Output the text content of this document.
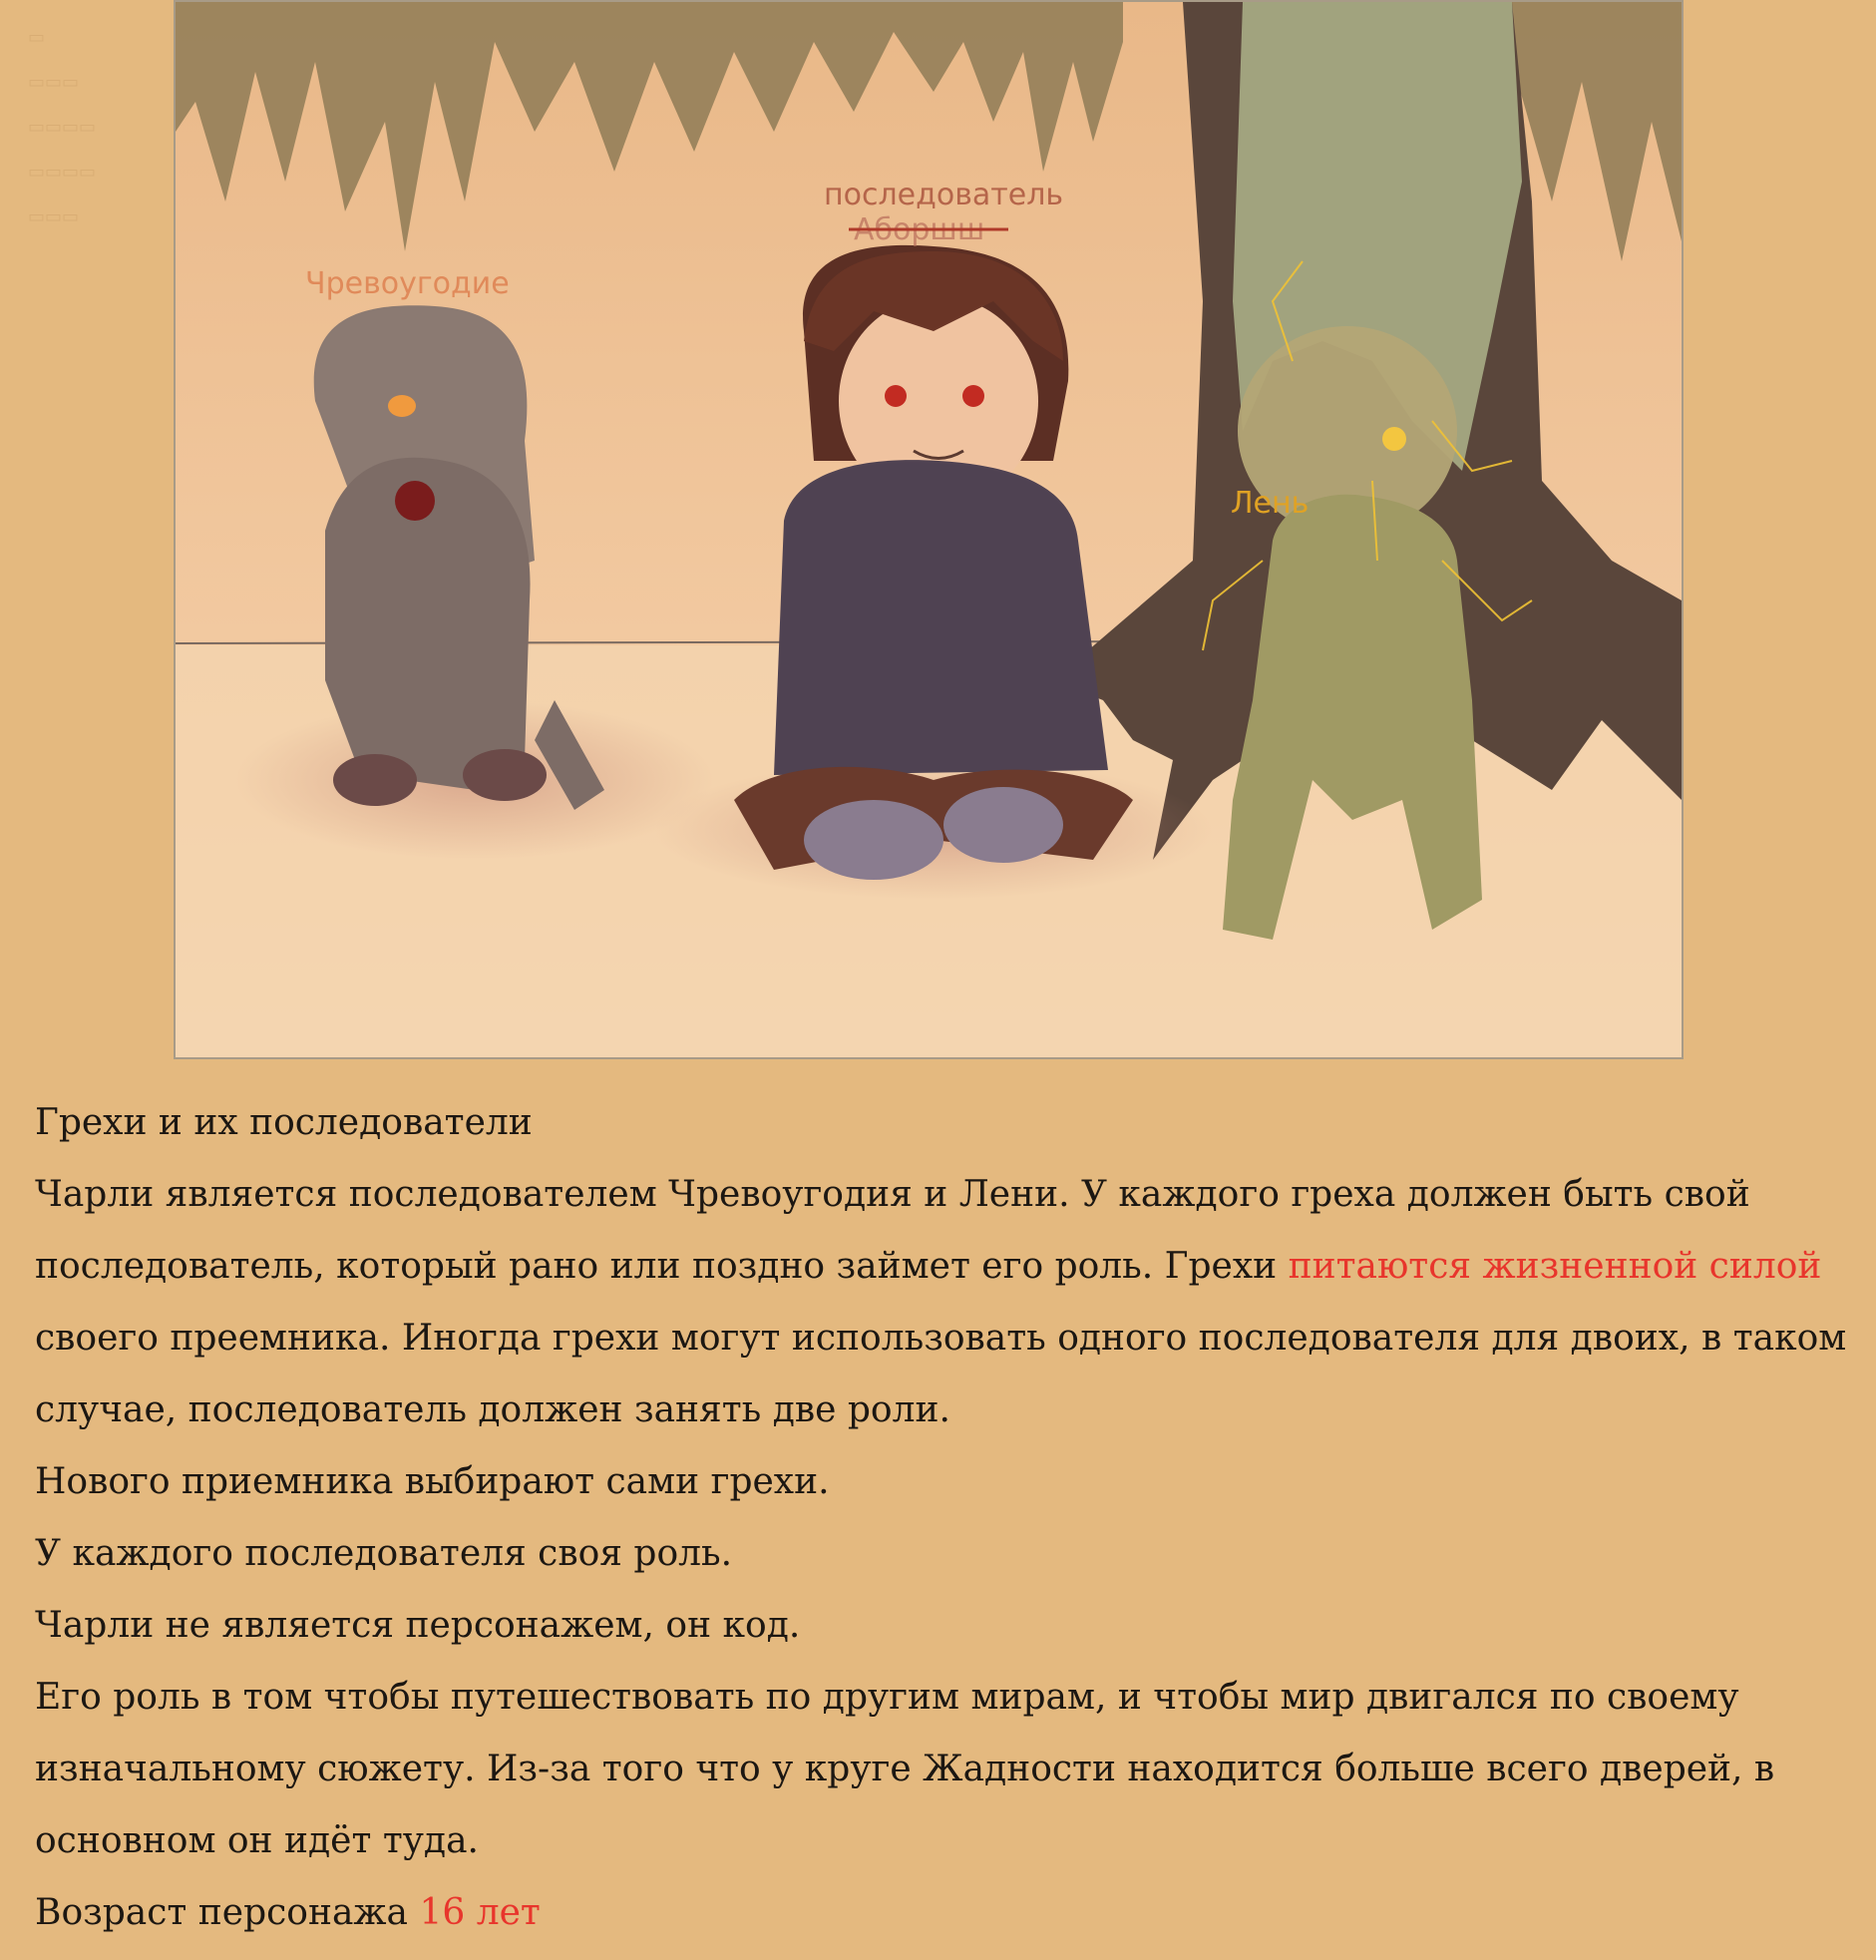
▭
▭▭▭
▭▭▭▭
▭▭▭▭
▭▭▭
Чревоугодие
последователь
Аборшш
Лень

Грехи и их последователи

Чарли является последователем Чревоугодия и Лени. У каждого греха должен быть свой последователь, который рано или поздно займет его роль. Грехи питаются жизненной силой своего преемника. Иногда грехи могут использовать одного последователя для двоих, в таком случае, последователь должен занять две роли.

Нового приемника выбирают сами грехи.

У каждого последователя своя роль.

Чарли не является персонажем, он код.

Его роль в том чтобы путешествовать по другим мирам, и чтобы мир двигался по своему изначальному сюжету. Из-за того что у круге Жадности находится больше всего дверей, в основном он идёт туда.

Возраст персонажа 16 лет
